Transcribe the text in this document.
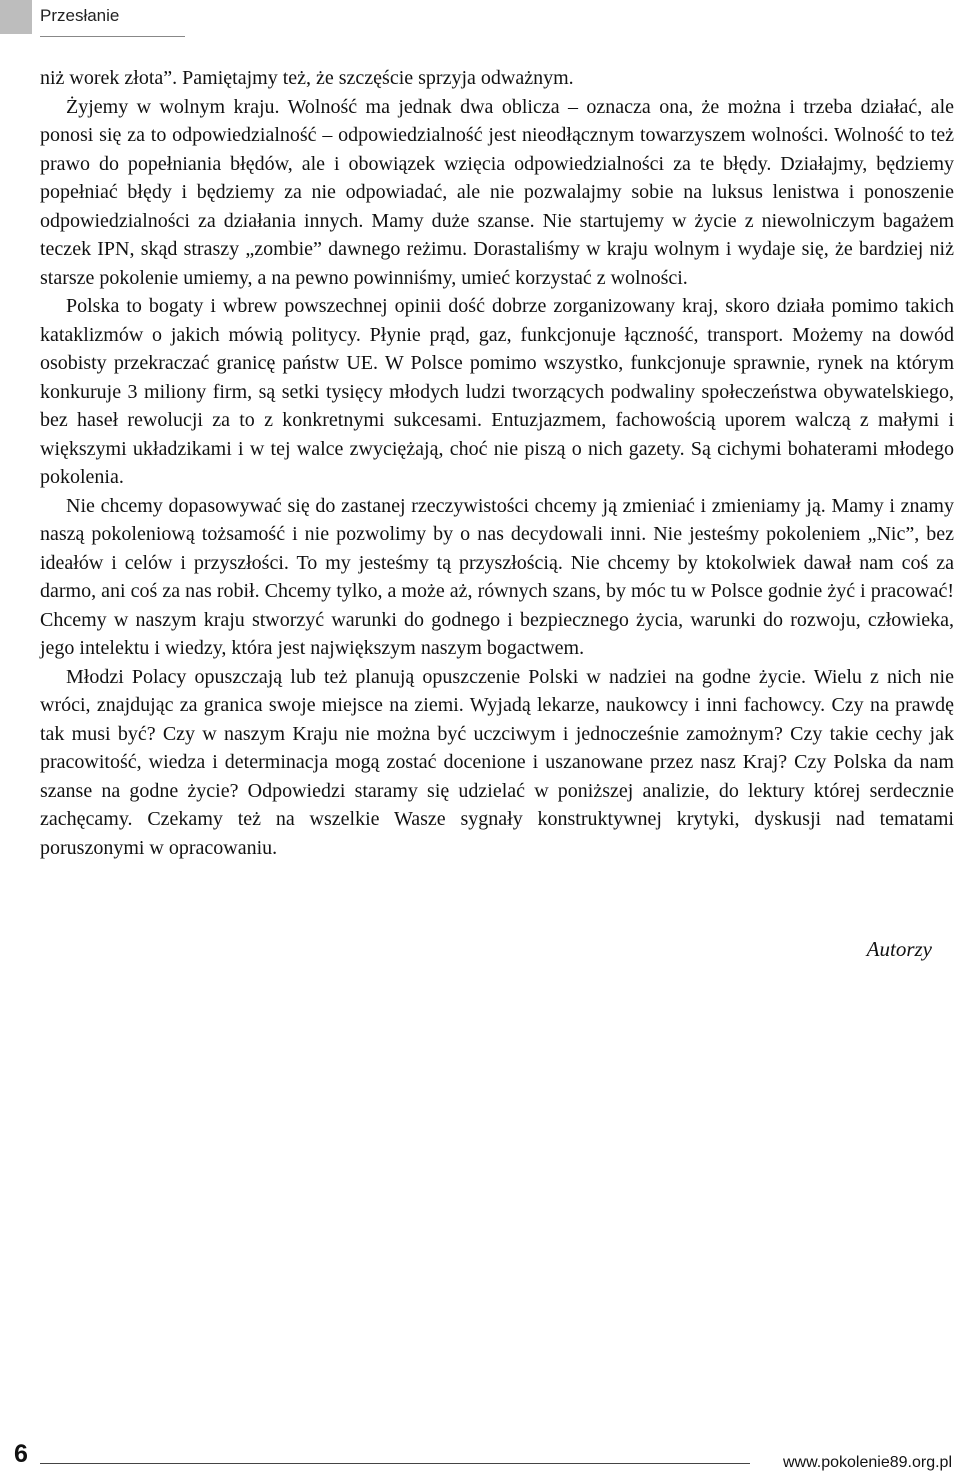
Przesłanie

niż worek złota”. Pamiętajmy też, że szczęście sprzyja odważnym.

Żyjemy w wolnym kraju. Wolność ma jednak dwa oblicza – oznacza ona, że można i trzeba działać, ale ponosi się za to odpowiedzialność – odpowiedzialność jest nieodłącznym towarzyszem wolności. Wolność to też prawo do popełniania błędów, ale i obowiązek wzięcia odpowiedzialności za te błędy. Działajmy, będziemy popełniać błędy i będziemy za nie odpowiadać, ale nie pozwalajmy sobie na luksus lenistwa i ponoszenie odpowiedzialności za działania innych. Mamy duże szanse. Nie startujemy w życie z niewolniczym bagażem teczek IPN, skąd straszy „zombie” dawnego reżimu. Dorastaliśmy w kraju wolnym i wydaje się, że bardziej niż starsze pokolenie umiemy, a na pewno powinniśmy, umieć korzystać z wolności.

Polska to bogaty i wbrew powszechnej opinii dość dobrze zorganizowany kraj, skoro działa pomimo takich kataklizmów o jakich mówią politycy. Płynie prąd, gaz, funkcjonuje łączność, transport. Możemy na dowód osobisty przekraczać granicę państw UE. W Polsce pomimo wszystko, funkcjonuje sprawnie, rynek na którym konkuruje 3 miliony firm, są setki tysięcy młodych ludzi tworzących podwaliny społeczeństwa obywatelskiego, bez haseł rewolucji za to z konkretnymi sukcesami. Entuzjazmem, fachowością uporem walczą z małymi i większymi układzikami i w tej walce zwyciężają, choć nie piszą o nich gazety. Są cichymi bohaterami młodego pokolenia.

Nie chcemy dopasowywać się do zastanej rzeczywistości chcemy ją zmieniać i zmieniamy ją. Mamy i znamy naszą pokoleniową tożsamość i nie pozwolimy by o nas decydowali inni. Nie jesteśmy pokoleniem „Nic”, bez ideałów i celów i przyszłości. To my jesteśmy tą przyszłością. Nie chcemy by ktokolwiek dawał nam coś za darmo, ani coś za nas robił. Chcemy tylko, a może aż, równych szans, by móc tu w Polsce godnie żyć i pracować! Chcemy w naszym kraju stworzyć warunki do godnego i bezpiecznego życia, warunki do rozwoju, człowieka, jego intelektu i wiedzy, która jest największym naszym bogactwem.

Młodzi Polacy opuszczają lub też planują opuszczenie Polski w nadziei na godne życie. Wielu z nich nie wróci, znajdując za granica swoje miejsce na ziemi. Wyjadą lekarze, naukowcy i inni fachowcy. Czy na prawdę tak musi być? Czy w naszym Kraju nie można być uczciwym i jednocześnie zamożnym? Czy takie cechy jak pracowitość, wiedza i determinacja mogą zostać docenione i uszanowane przez nasz Kraj? Czy Polska da nam szanse na godne życie? Odpowiedzi staramy się udzielać w poniższej analizie, do lektury której serdecznie zachęcamy. Czekamy też na wszelkie Wasze sygnały konstruktywnej krytyki, dyskusji nad tematami poruszonymi w opracowaniu.

Autorzy
6	www.pokolenie89.org.pl
